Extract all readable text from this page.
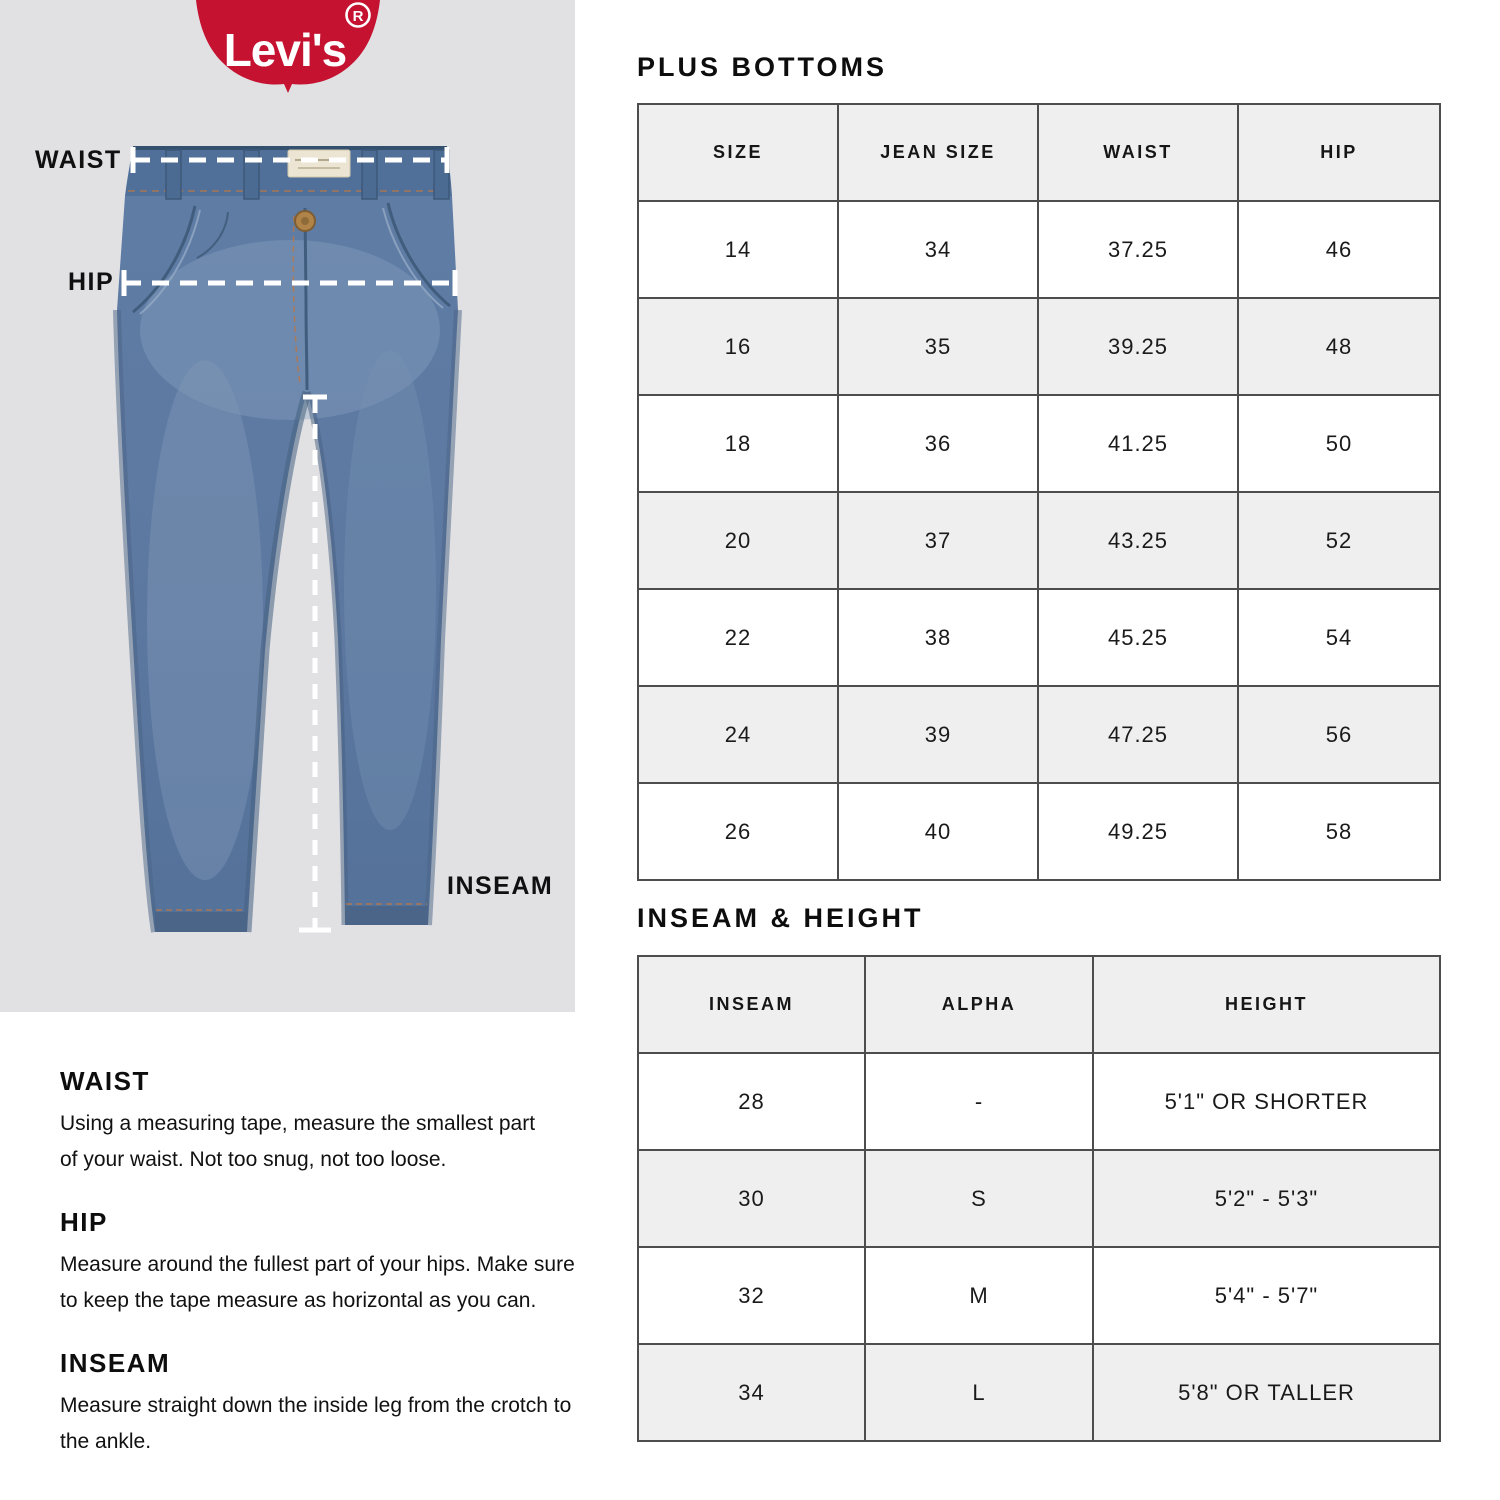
Levi's
R
WAIST
HIP
INSEAM
WAIST
Using a measuring tape, measure the smallest part
of your waist. Not too snug, not too loose.
HIP
Measure around the fullest part of your hips. Make sure
to keep the tape measure as horizontal as you can.
INSEAM
Measure straight down the inside leg from the crotch to
the ankle.
PLUS BOTTOMS
SIZE	JEAN SIZE	WAIST	HIP
14	34	37.25	46
16	35	39.25	48
18	36	41.25	50
20	37	43.25	52
22	38	45.25	54
24	39	47.25	56
26	40	49.25	58
INSEAM & HEIGHT
INSEAM	ALPHA	HEIGHT
28	-	5'1" OR SHORTER
30	S	5'2" - 5'3"
32	M	5'4" - 5'7"
34	L	5'8" OR TALLER
